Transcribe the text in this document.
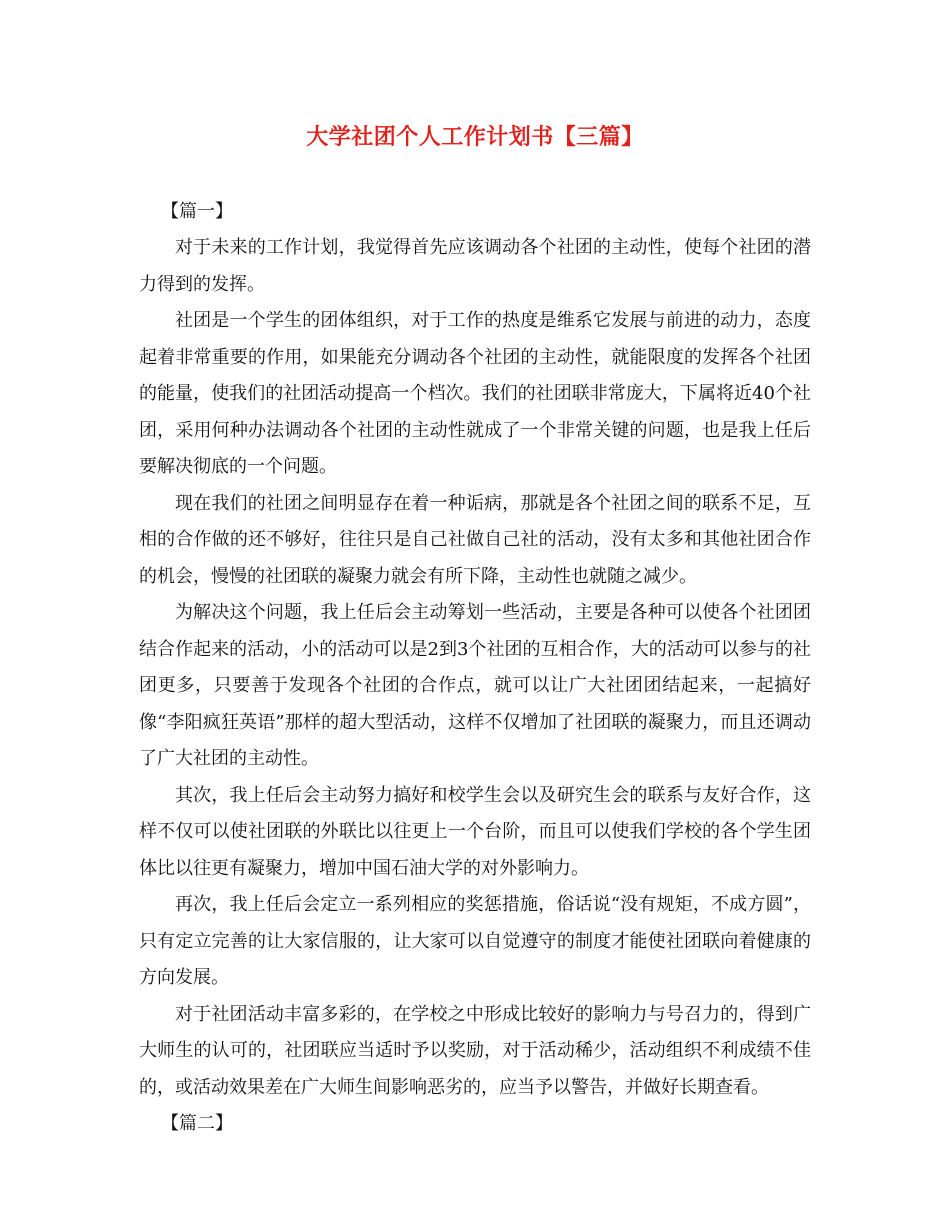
大学社团个人工作计划书【三篇】
【篇一】

对于未来的工作计划，我觉得首先应该调动各个社团的主动性，使每个社团的潜力得到的发挥。

社团是一个学生的团体组织，对于工作的热度是维系它发展与前进的动力，态度起着非常重要的作用，如果能充分调动各个社团的主动性，就能限度的发挥各个社团的能量，使我们的社团活动提高一个档次。我们的社团联非常庞大，下属将近40个社团，采用何种办法调动各个社团的主动性就成了一个非常关键的问题，也是我上任后要解决彻底的一个问题。

现在我们的社团之间明显存在着一种诟病，那就是各个社团之间的联系不足，互相的合作做的还不够好，往往只是自己社做自己社的活动，没有太多和其他社团合作的机会，慢慢的社团联的凝聚力就会有所下降，主动性也就随之减少。

为解决这个问题，我上任后会主动筹划一些活动，主要是各种可以使各个社团团结合作起来的活动，小的活动可以是2到3个社团的互相合作，大的活动可以参与的社团更多，只要善于发现各个社团的合作点，就可以让广大社团团结起来，一起搞好像“李阳疯狂英语”那样的超大型活动，这样不仅增加了社团联的凝聚力，而且还调动了广大社团的主动性。

其次，我上任后会主动努力搞好和校学生会以及研究生会的联系与友好合作，这样不仅可以使社团联的外联比以往更上一个台阶，而且可以使我们学校的各个学生团体比以往更有凝聚力，增加中国石油大学的对外影响力。

再次，我上任后会定立一系列相应的奖惩措施，俗话说“没有规矩，不成方圆”，只有定立完善的让大家信服的，让大家可以自觉遵守的制度才能使社团联向着健康的方向发展。

对于社团活动丰富多彩的，在学校之中形成比较好的影响力与号召力的，得到广大师生的认可的，社团联应当适时予以奖励，对于活动稀少，活动组织不利成绩不佳的，或活动效果差在广大师生间影响恶劣的，应当予以警告，并做好长期查看。

【篇二】
